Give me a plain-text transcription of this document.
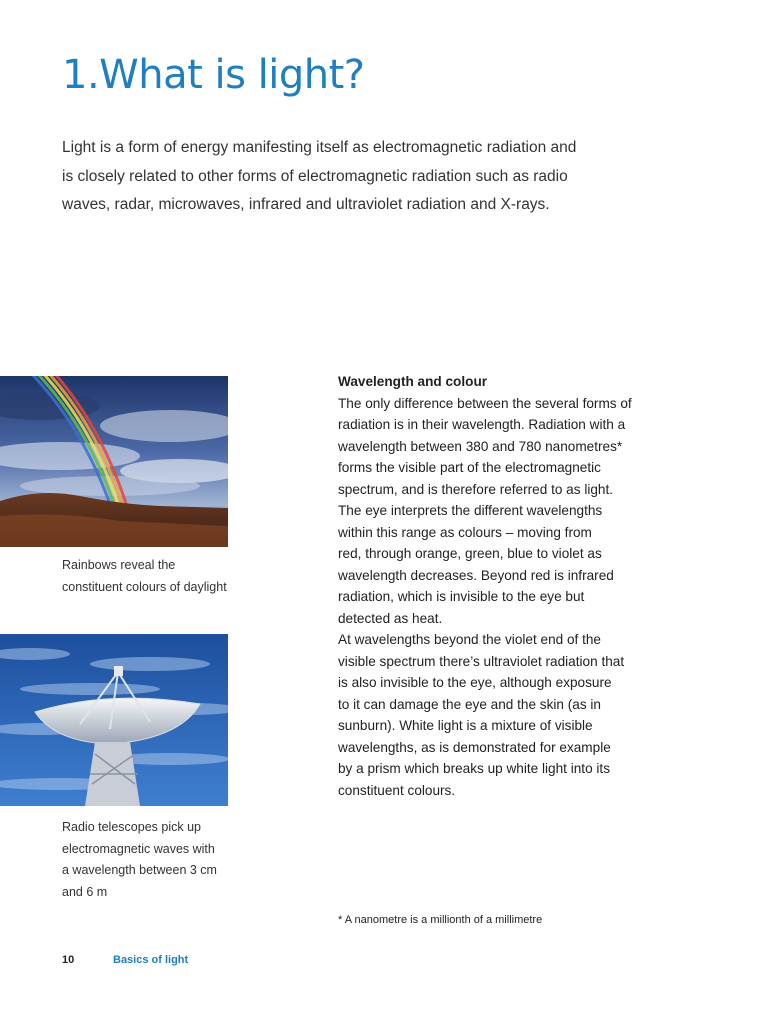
1.What is light?
Light is a form of energy manifesting itself as electromagnetic radiation and
is closely related to other forms of electromagnetic radiation such as radio
waves, radar, microwaves, infrared and ultraviolet radiation and X-rays.
Rainbows reveal the
constituent colours of daylight
Radio telescopes pick up
electromagnetic waves with
a wavelength between 3 cm
and 6 m
Wavelength and colour
The only difference between the several forms of
radiation is in their wavelength. Radiation with a
wavelength between 380 and 780 nanometres*
forms the visible part of the electromagnetic
spectrum, and is therefore referred to as light.
The eye interprets the different wavelengths
within this range as colours – moving from
red, through orange, green, blue to violet as
wavelength decreases. Beyond red is infrared
radiation, which is invisible to the eye but
detected as heat.
At wavelengths beyond the violet end of the
visible spectrum there’s ultraviolet radiation that
is also invisible to the eye, although exposure
to it can damage the eye and the skin (as in
sunburn). White light is a mixture of visible
wavelengths, as is demonstrated for example
by a prism which breaks up white light into its
constituent colours.
* A nanometre is a millionth of a millimetre
10	Basics of light
